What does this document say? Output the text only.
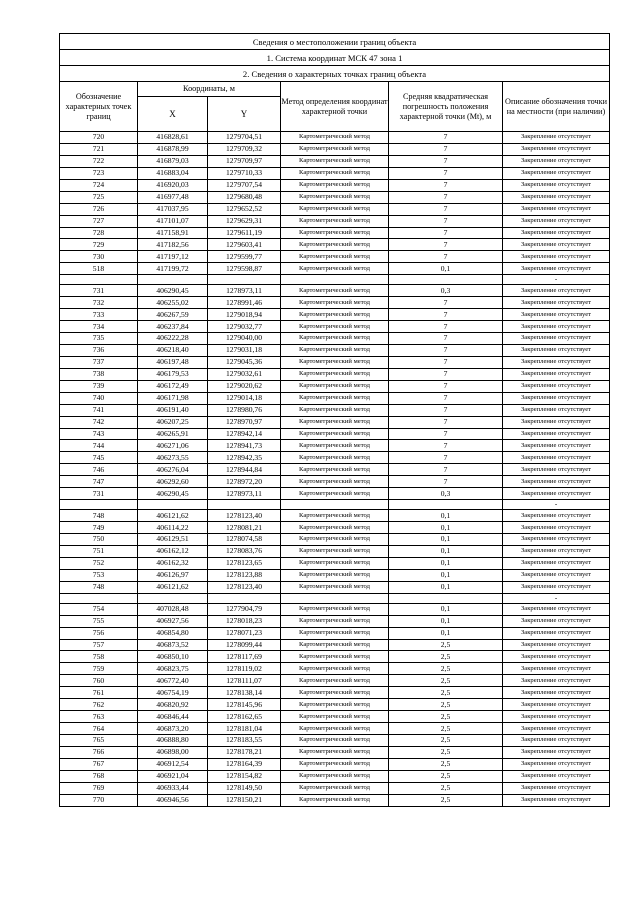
Сведения о местоположении границ объекта					
1. Система координат МСК 47 зона 1					
2. Сведения о характерных точках границ объекта					
Обозначение характерных точек границ	Координаты, м		Метод определения координат характерной точки	Средняя квадратическая погрешность положения характерной точки (Mt), м	Описание обозначения точки на местности (при наличии)
	X	Y			
720	416828,61	1279704,51	Картометрический метод	7	Закрепление отсутствует
721	416878,99	1279709,32	Картометрический метод	7	Закрепление отсутствует
722	416879,03	1279709,97	Картометрический метод	7	Закрепление отсутствует
723	416883,04	1279710,33	Картометрический метод	7	Закрепление отсутствует
724	416920,03	1279707,54	Картометрический метод	7	Закрепление отсутствует
725	416977,48	1279680,48	Картометрический метод	7	Закрепление отсутствует
726	417037,95	1279652,52	Картометрический метод	7	Закрепление отсутствует
727	417101,07	1279629,31	Картометрический метод	7	Закрепление отсутствует
728	417158,91	1279611,19	Картометрический метод	7	Закрепление отсутствует
729	417182,56	1279603,41	Картометрический метод	7	Закрепление отсутствует
730	417197,12	1279599,77	Картометрический метод	7	Закрепление отсутствует
518	417199,72	1279598,87	Картометрический метод	0,1	Закрепление отсутствует
					-
731	406290,45	1278973,11	Картометрический метод	0,3	Закрепление отсутствует
732	406255,02	1278991,46	Картометрический метод	7	Закрепление отсутствует
733	406267,59	1279018,94	Картометрический метод	7	Закрепление отсутствует
734	406237,84	1279032,77	Картометрический метод	7	Закрепление отсутствует
735	406222,28	1279040,00	Картометрический метод	7	Закрепление отсутствует
736	406218,40	1279031,18	Картометрический метод	7	Закрепление отсутствует
737	406197,48	1279045,36	Картометрический метод	7	Закрепление отсутствует
738	406179,53	1279032,61	Картометрический метод	7	Закрепление отсутствует
739	406172,49	1279020,62	Картометрический метод	7	Закрепление отсутствует
740	406171,98	1279014,18	Картометрический метод	7	Закрепление отсутствует
741	406191,40	1278980,76	Картометрический метод	7	Закрепление отсутствует
742	406207,25	1278970,97	Картометрический метод	7	Закрепление отсутствует
743	406265,91	1278942,14	Картометрический метод	7	Закрепление отсутствует
744	406271,06	1278941,73	Картометрический метод	7	Закрепление отсутствует
745	406273,55	1278942,35	Картометрический метод	7	Закрепление отсутствует
746	406276,04	1278944,84	Картометрический метод	7	Закрепление отсутствует
747	406292,60	1278972,20	Картометрический метод	7	Закрепление отсутствует
731	406290,45	1278973,11	Картометрический метод	0,3	Закрепление отсутствует
					-
748	406121,62	1278123,40	Картометрический метод	0,1	Закрепление отсутствует
749	406114,22	1278081,21	Картометрический метод	0,1	Закрепление отсутствует
750	406129,51	1278074,58	Картометрический метод	0,1	Закрепление отсутствует
751	406162,12	1278083,76	Картометрический метод	0,1	Закрепление отсутствует
752	406162,32	1278123,65	Картометрический метод	0,1	Закрепление отсутствует
753	406126,97	1278123,88	Картометрический метод	0,1	Закрепление отсутствует
748	406121,62	1278123,40	Картометрический метод	0,1	Закрепление отсутствует
					-
754	407028,48	1277904,79	Картометрический метод	0,1	Закрепление отсутствует
755	406927,56	1278018,23	Картометрический метод	0,1	Закрепление отсутствует
756	406854,80	1278071,23	Картометрический метод	0,1	Закрепление отсутствует
757	406873,52	1278099,44	Картометрический метод	2,5	Закрепление отсутствует
758	406850,10	1278117,69	Картометрический метод	2,5	Закрепление отсутствует
759	406823,75	1278119,02	Картометрический метод	2,5	Закрепление отсутствует
760	406772,40	1278111,07	Картометрический метод	2,5	Закрепление отсутствует
761	406754,19	1278138,14	Картометрический метод	2,5	Закрепление отсутствует
762	406820,92	1278145,96	Картометрический метод	2,5	Закрепление отсутствует
763	406846,44	1278162,65	Картометрический метод	2,5	Закрепление отсутствует
764	406873,20	1278181,04	Картометрический метод	2,5	Закрепление отсутствует
765	406888,80	1278183,55	Картометрический метод	2,5	Закрепление отсутствует
766	406898,00	1278178,21	Картометрический метод	2,5	Закрепление отсутствует
767	406912,54	1278164,39	Картометрический метод	2,5	Закрепление отсутствует
768	406921,04	1278154,82	Картометрический метод	2,5	Закрепление отсутствует
769	406933,44	1278149,50	Картометрический метод	2,5	Закрепление отсутствует
770	406946,56	1278150,21	Картометрический метод	2,5	Закрепление отсутствует
